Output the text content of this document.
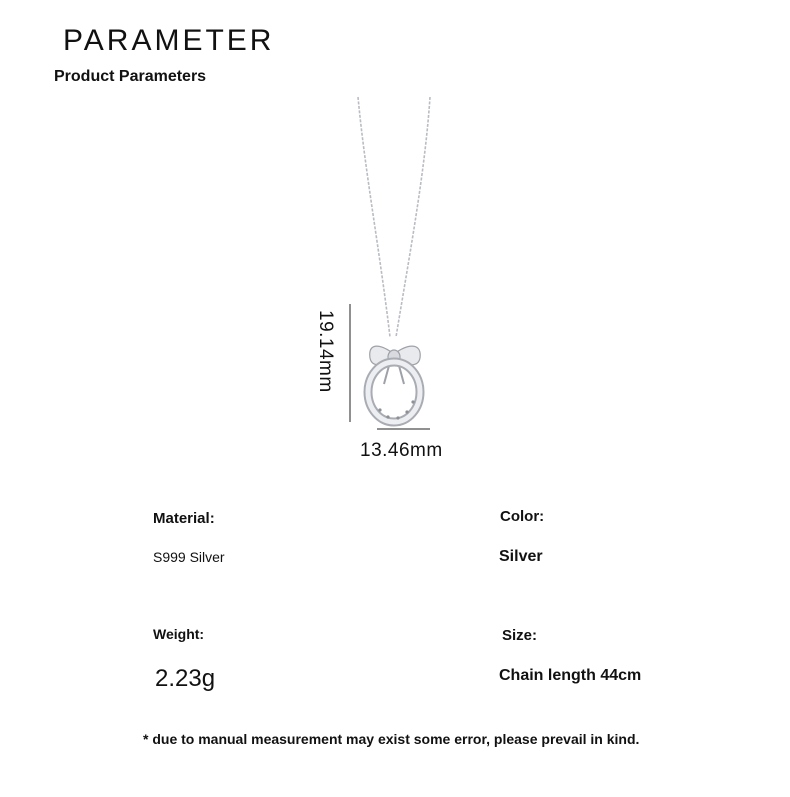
PARAMETER
Product Parameters
19.14mm
13.46mm
Material:
S999 Silver
Color:
Silver
Weight:
2.23g
Size:
Chain length 44cm
* due to manual measurement may exist some error, please prevail in kind.
